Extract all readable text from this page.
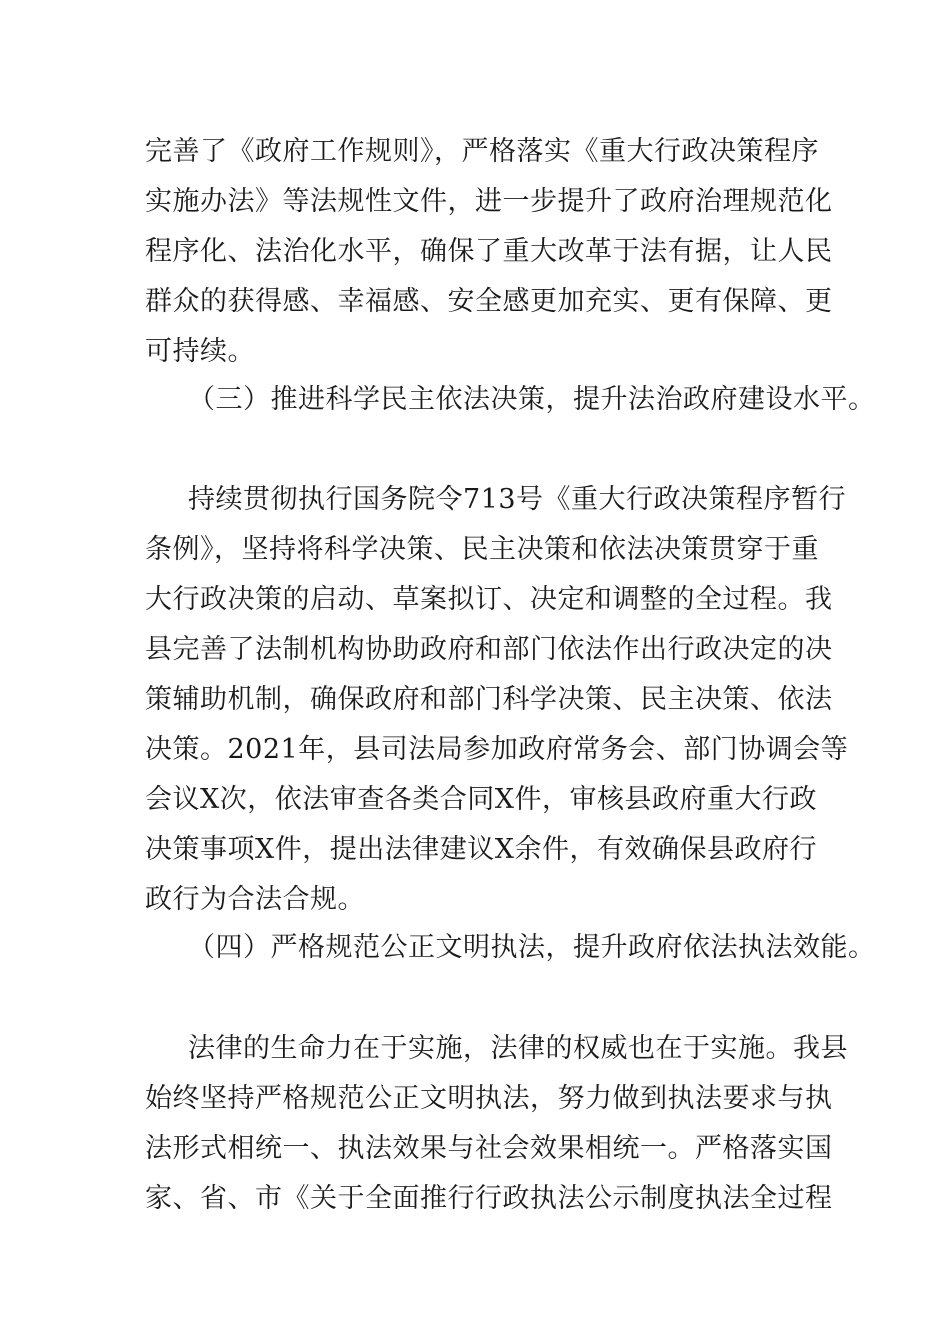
完善了《政府工作规则》，严格落实《重大行政决策程序
实施办法》等法规性文件，进一步提升了政府治理规范化
程序化、法治化水平，确保了重大改革于法有据，让人民
群众的获得感、幸福感、安全感更加充实、更有保障、更
可持续。
（三）推进科学民主依法决策，提升法治政府建设水平。
持续贯彻执行国务院令713号《重大行政决策程序暂行
条例》，坚持将科学决策、民主决策和依法决策贯穿于重
大行政决策的启动、草案拟订、决定和调整的全过程。我
县完善了法制机构协助政府和部门依法作出行政决定的决
策辅助机制，确保政府和部门科学决策、民主决策、依法
决策。2021年，县司法局参加政府常务会、部门协调会等
会议X次，依法审查各类合同X件，审核县政府重大行政
决策事项X件，提出法律建议X余件，有效确保县政府行
政行为合法合规。
（四）严格规范公正文明执法，提升政府依法执法效能。
法律的生命力在于实施，法律的权威也在于实施。我县
始终坚持严格规范公正文明执法，努力做到执法要求与执
法形式相统一、执法效果与社会效果相统一。严格落实国
家、省、市《关于全面推行行政执法公示制度执法全过程
